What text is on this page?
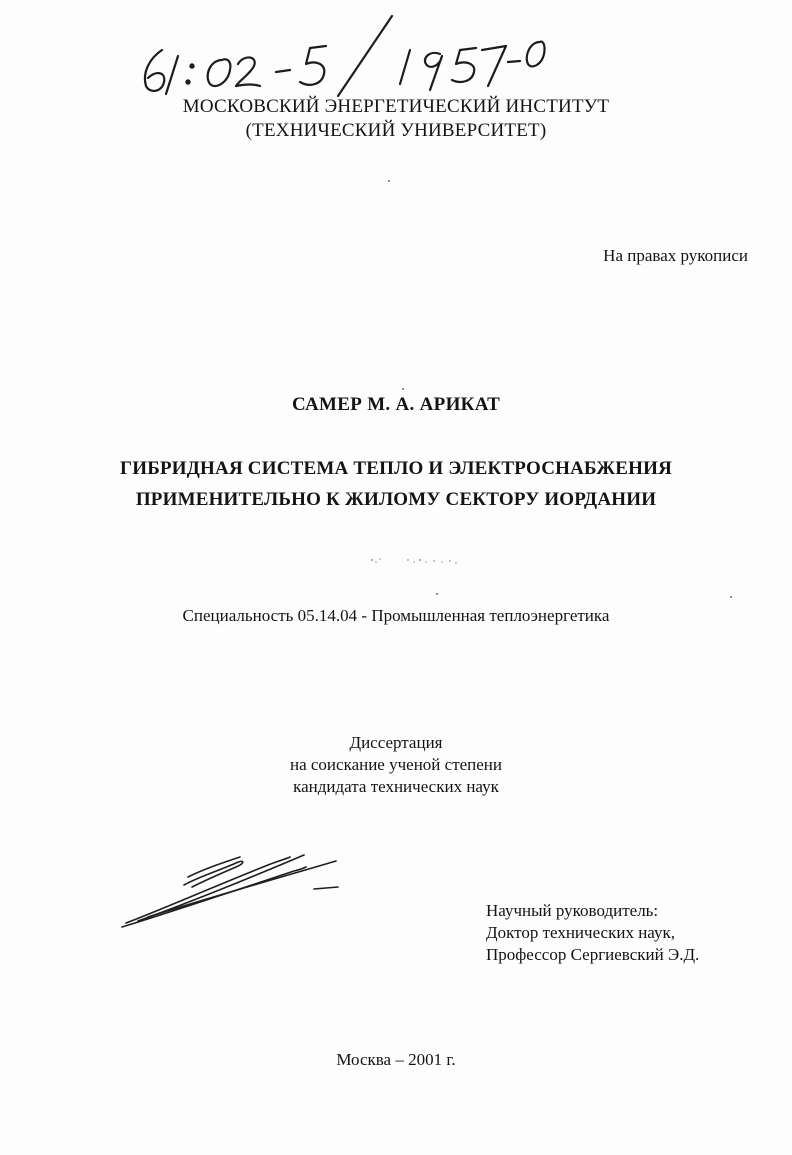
МОСКОВСКИЙ ЭНЕРГЕТИЧЕСКИЙ ИНСТИТУТ
(ТЕХНИЧЕСКИЙ УНИВЕРСИТЕТ)
На правах рукописи
САМЕР М. А. АРИКАТ
ГИБРИДНАЯ СИСТЕМА ТЕПЛО И ЭЛЕКТРОСНАБЖЕНИЯ
ПРИМЕНИТЕЛЬНО К ЖИЛОМУ СЕКТОРУ ИОРДАНИИ
Специальность 05.14.04 - Промышленная теплоэнергетика
Диссертация
на соискание ученой степени
кандидата технических наук
Научный руководитель:
Доктор технических наук,
Профессор Сергиевский Э.Д.
Москва – 2001 г.
